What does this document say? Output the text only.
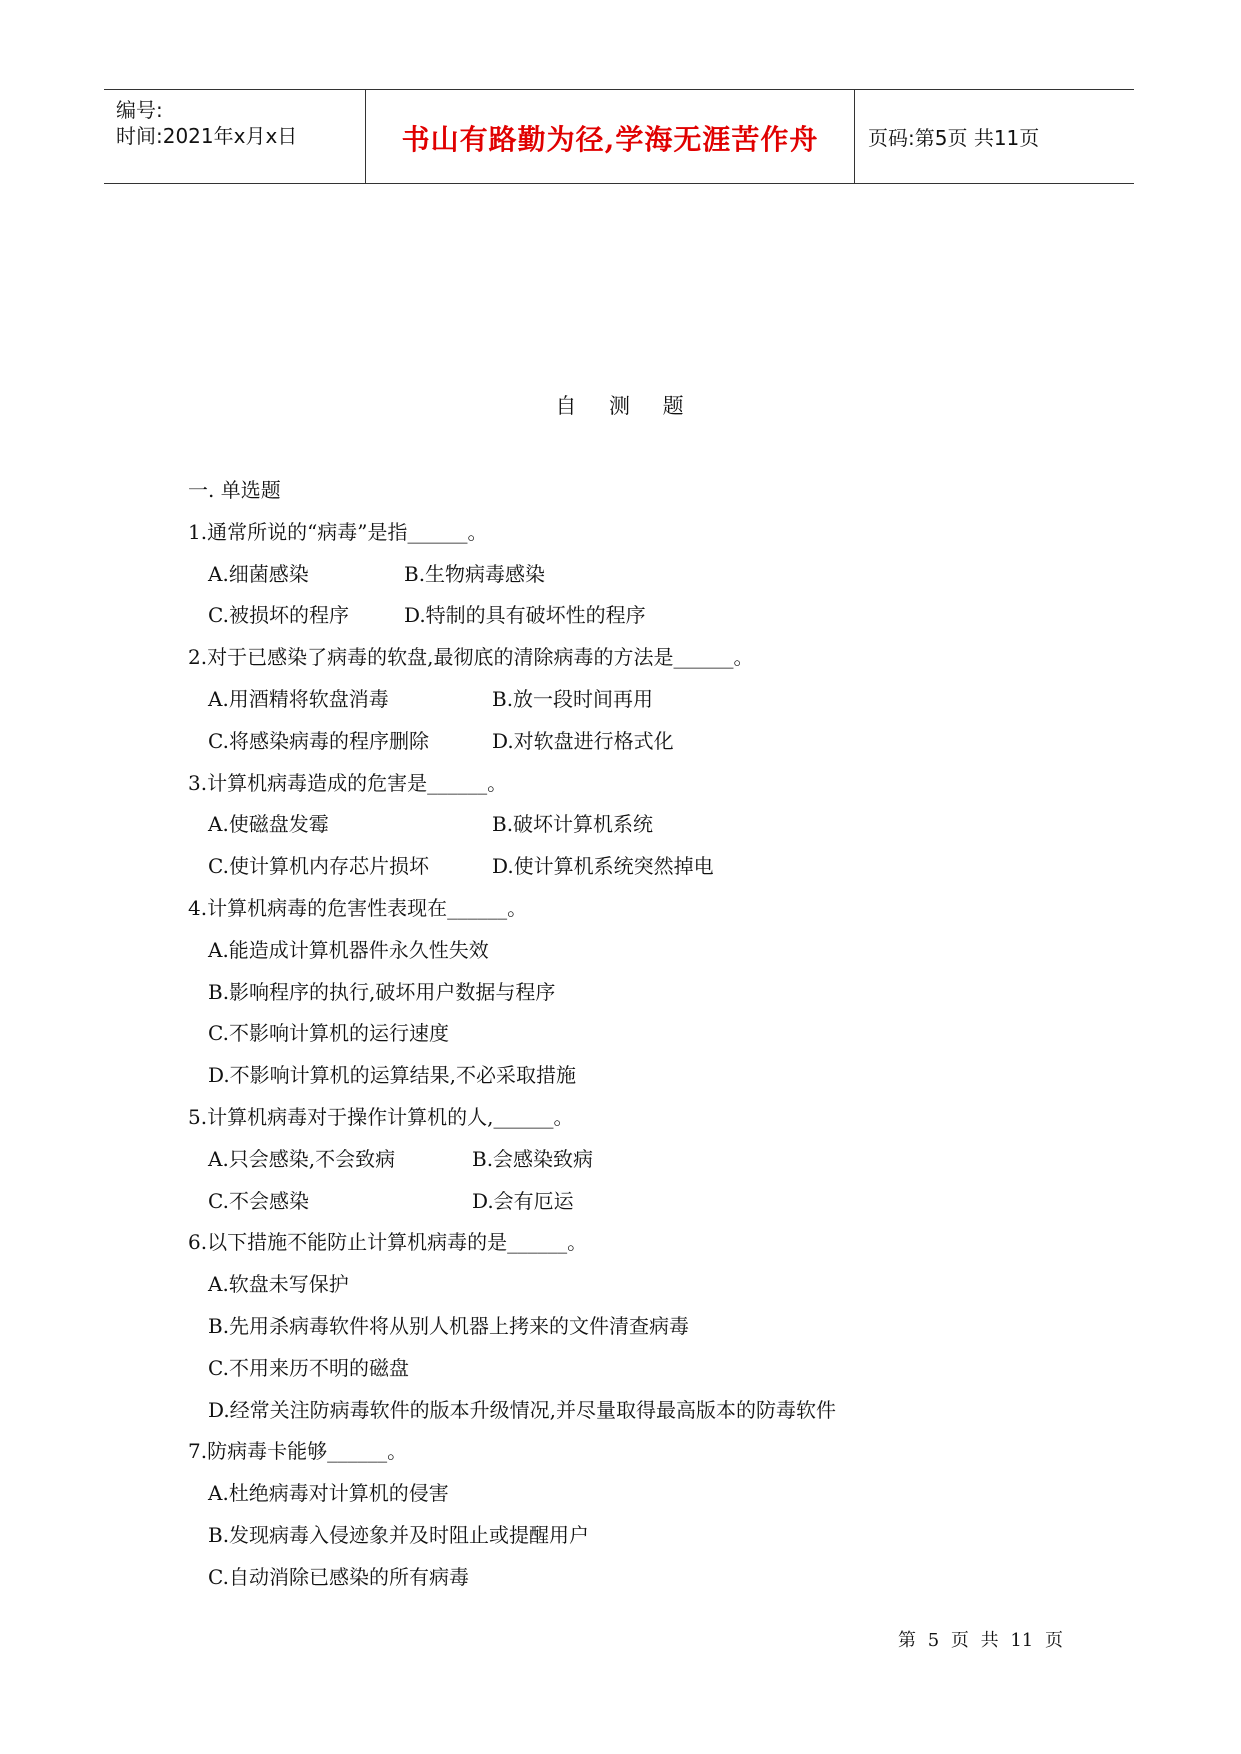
编号:
时间:2021年x月x日	书山有路勤为径,学海无涯苦作舟	页码:第5页 共11页
自 测 题
一. 单选题
1.通常所说的“病毒”是指______。
A.细菌感染	B.生物病毒感染
C.被损坏的程序	D.特制的具有破坏性的程序
2.对于已感染了病毒的软盘,最彻底的清除病毒的方法是______。
A.用酒精将软盘消毒	B.放一段时间再用
C.将感染病毒的程序删除	D.对软盘进行格式化
3.计算机病毒造成的危害是______。
A.使磁盘发霉	B.破坏计算机系统
C.使计算机内存芯片损坏	D.使计算机系统突然掉电
4.计算机病毒的危害性表现在______。
A.能造成计算机器件永久性失效
B.影响程序的执行,破坏用户数据与程序
C.不影响计算机的运行速度
D.不影响计算机的运算结果,不必采取措施
5.计算机病毒对于操作计算机的人,______。
A.只会感染,不会致病	B.会感染致病
C.不会感染	D.会有厄运
6.以下措施不能防止计算机病毒的是______。
A.软盘未写保护
B.先用杀病毒软件将从别人机器上拷来的文件清查病毒
C.不用来历不明的磁盘
D.经常关注防病毒软件的版本升级情况,并尽量取得最高版本的防毒软件
7.防病毒卡能够______。
A.杜绝病毒对计算机的侵害
B.发现病毒入侵迹象并及时阻止或提醒用户
C.自动消除已感染的所有病毒
第 5 页 共 11 页
